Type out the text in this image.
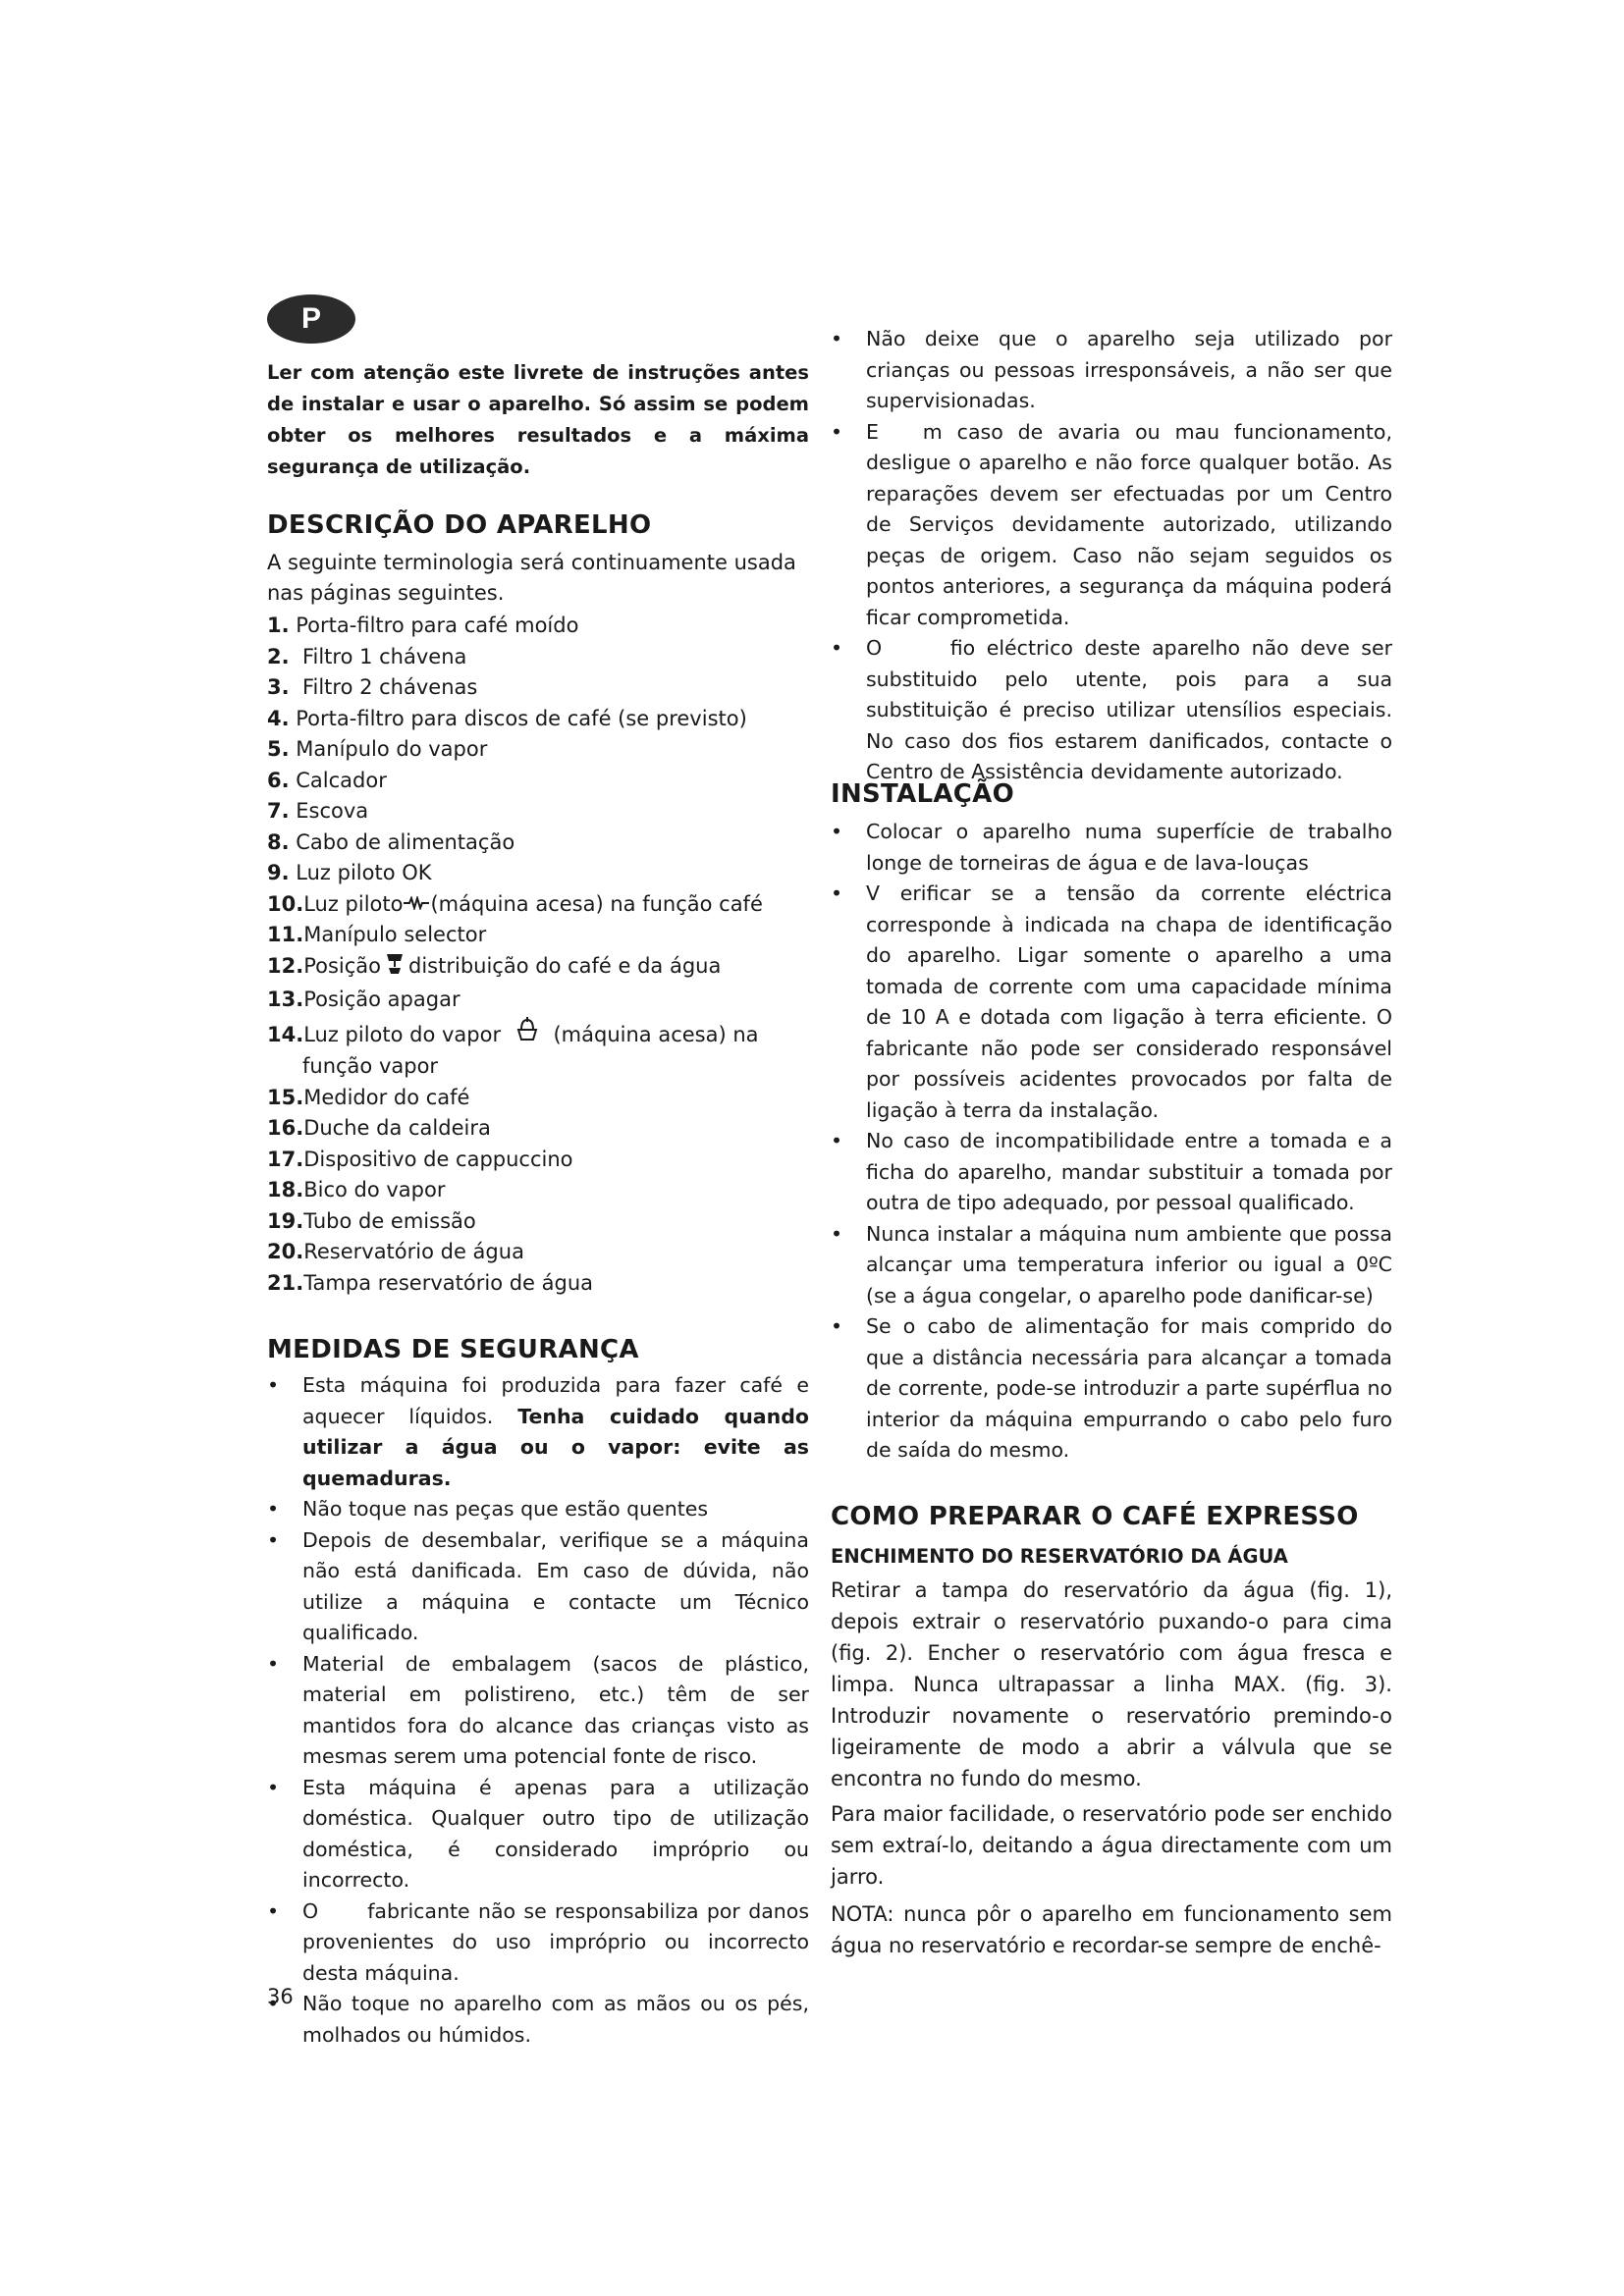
P

Ler com atenção este livrete de instruções antes de instalar e usar o aparelho. Só assim se podem obter os melhores resultados e a máxima segurança de utilização.

DESCRIÇÃO DO APARELHO

A seguinte terminologia será continuamente usada nas páginas seguintes.

1. Porta-filtro para café moído
2. Filtro 1 chávena
3. Filtro 2 chávenas
4. Porta-filtro para discos de café (se previsto)
5. Manípulo do vapor
6. Calcador
7. Escova
8. Cabo de alimentação
9. Luz piloto OK
10. Luz piloto (máquina acesa) na função café
11. Manípulo selector
12. Posição distribuição do café e da água
13. Posição apagar
14.Luz piloto do vapor	(máquina acesa) na
função vapor
15. Medidor do café
16. Duche da caldeira
17. Dispositivo de cappuccino
18. Bico do vapor
19. Tubo de emissão
20. Reservatório de água
21. Tampa reservatório de água
MEDIDAS DE SEGURANÇA
• Esta máquina foi produzida para fazer café e aquecer líquidos. Tenha cuidado quando utilizar a água ou o vapor: evite as quemaduras.
• Não toque nas peças que estão quentes
• Depois de desembalar, verifique se a máquina não está danificada. Em caso de dúvida, não utilize a máquina e contacte um Técnico qualificado.
• Material de embalagem (sacos de plástico, material em polistireno, etc.) têm de ser mantidos fora do alcance das crianças visto as mesmas serem uma potencial fonte de risco.
• Esta máquina é apenas para a utilização doméstica. Qualquer outro tipo de utilização doméstica, é considerado impróprio ou incorrecto.
• O      fabricante não se responsabiliza por danos provenientes do uso impróprio ou incorrecto desta máquina.
• Não toque no aparelho com as mãos ou os pés, molhados ou húmidos.
36
• Não deixe que o aparelho seja utilizado por crianças ou pessoas irresponsáveis, a não ser que supervisionadas.
• E   m caso de avaria ou mau funcionamento, desligue o aparelho e não force qualquer botão. As reparações devem ser efectuadas por um Centro de Serviços devidamente autorizado, utilizando peças de origem. Caso não sejam seguidos os pontos anteriores, a segurança da máquina poderá ficar comprometida.
• O      fio eléctrico deste aparelho não deve ser substituido pelo utente, pois para a sua substituição é preciso utilizar utensílios especiais. No caso dos fios estarem danificados, contacte o Centro de Assistência devidamente autorizado.
INSTALAÇÃO
• Colocar o aparelho numa superfície de trabalho longe de torneiras de água e de lava-louças
• V erificar se a tensão da corrente eléctrica corresponde à indicada na chapa de identificação do aparelho. Ligar somente o aparelho a uma tomada de corrente com uma capacidade mínima de 10 A e dotada com ligação à terra eficiente. O fabricante não pode ser considerado responsável por possíveis acidentes provocados por falta de ligação à terra da instalação.
• No caso de incompatibilidade entre a tomada e a ficha do aparelho, mandar substituir a tomada por outra de tipo adequado, por pessoal qualificado.
• Nunca instalar a máquina num ambiente que possa alcançar uma temperatura inferior ou igual a 0ºC (se a água congelar, o aparelho pode danificar-se)
• Se o cabo de alimentação for mais comprido do que a distância necessária para alcançar a tomada de corrente, pode-se introduzir a parte supérflua no interior da máquina empurrando o cabo pelo furo de saída do mesmo.
COMO PREPARAR O CAFÉ EXPRESSO
ENCHIMENTO DO RESERVATÓRIO DA ÁGUA

Retirar a tampa do reservatório da água (fig. 1), depois extrair o reservatório puxando-o para cima (fig. 2). Encher o reservatório com água fresca e limpa. Nunca ultrapassar a linha MAX. (fig. 3). Introduzir novamente o reservatório premindo-o ligeiramente de modo a abrir a válvula que se encontra no fundo do mesmo.

Para maior facilidade, o reservatório pode ser enchido sem extraí-lo, deitando a água directamente com um jarro.

NOTA: nunca pôr o aparelho em funcionamento sem água no reservatório e recordar-se sempre de enchê-
